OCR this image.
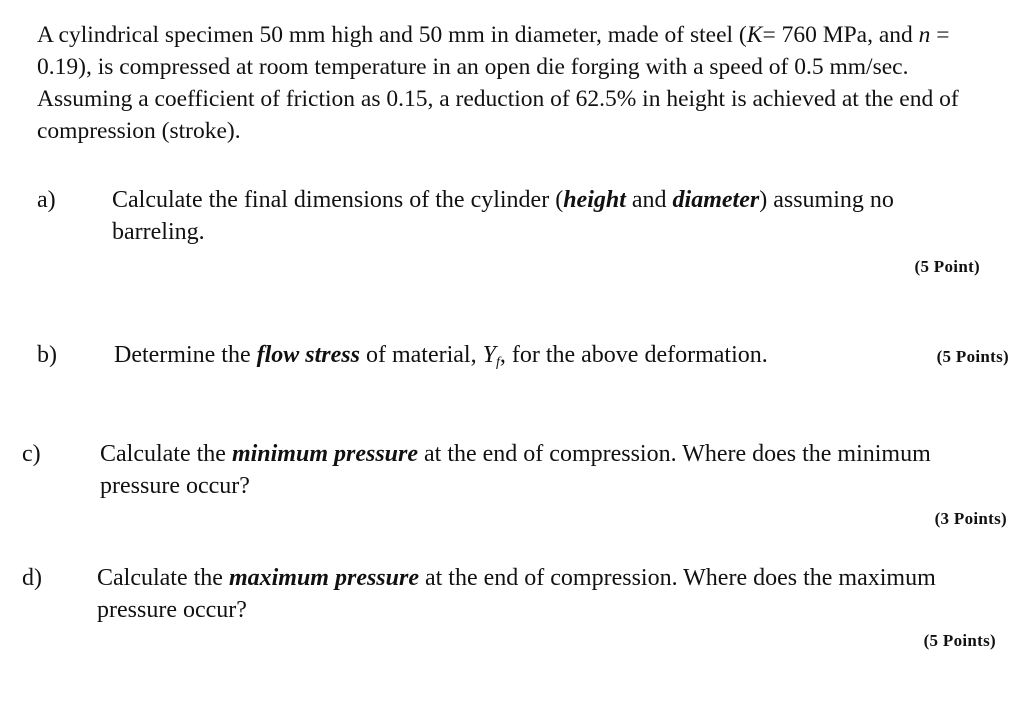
A cylindrical specimen 50 mm high and 50 mm in diameter, made of steel (K= 760 MPa, and n = 0.19), is compressed at room temperature in an open die forging with a speed of 0.5 mm/sec. Assuming a coefficient of friction as 0.15, a reduction of 62.5% in height is achieved at the end of compression (stroke).
a) Calculate the final dimensions of the cylinder (height and diameter) assuming no barreling.
(5 Point)
b) Determine the flow stress of material, $Y_f$, for the above deformation.	(5 Points)
c) Calculate the minimum pressure at the end of compression. Where does the minimum pressure occur?
(3 Points)
d) Calculate the maximum pressure at the end of compression. Where does the maximum pressure occur?
(5 Points)
